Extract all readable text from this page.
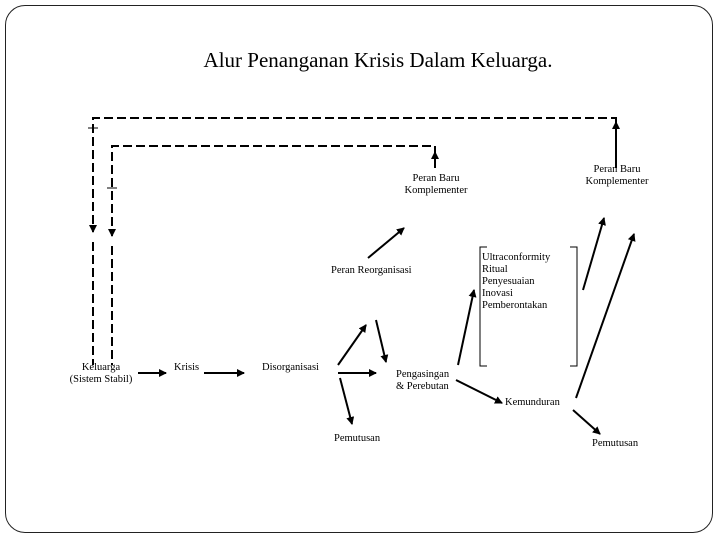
Alur Penanganan Krisis Dalam Keluarga.
Keluarga
(Sistem Stabil)
Krisis	Disorganisasi
Peran Reorganisasi
Peran Baru
Komplementer
Peran Baru
Komplementer
Pengasingan
& Perebutan
Ultraconformity
Ritual
Penyesuaian
Inovasi
Pemberontakan
Pemutusan
Kemunduran
Pemutusan
